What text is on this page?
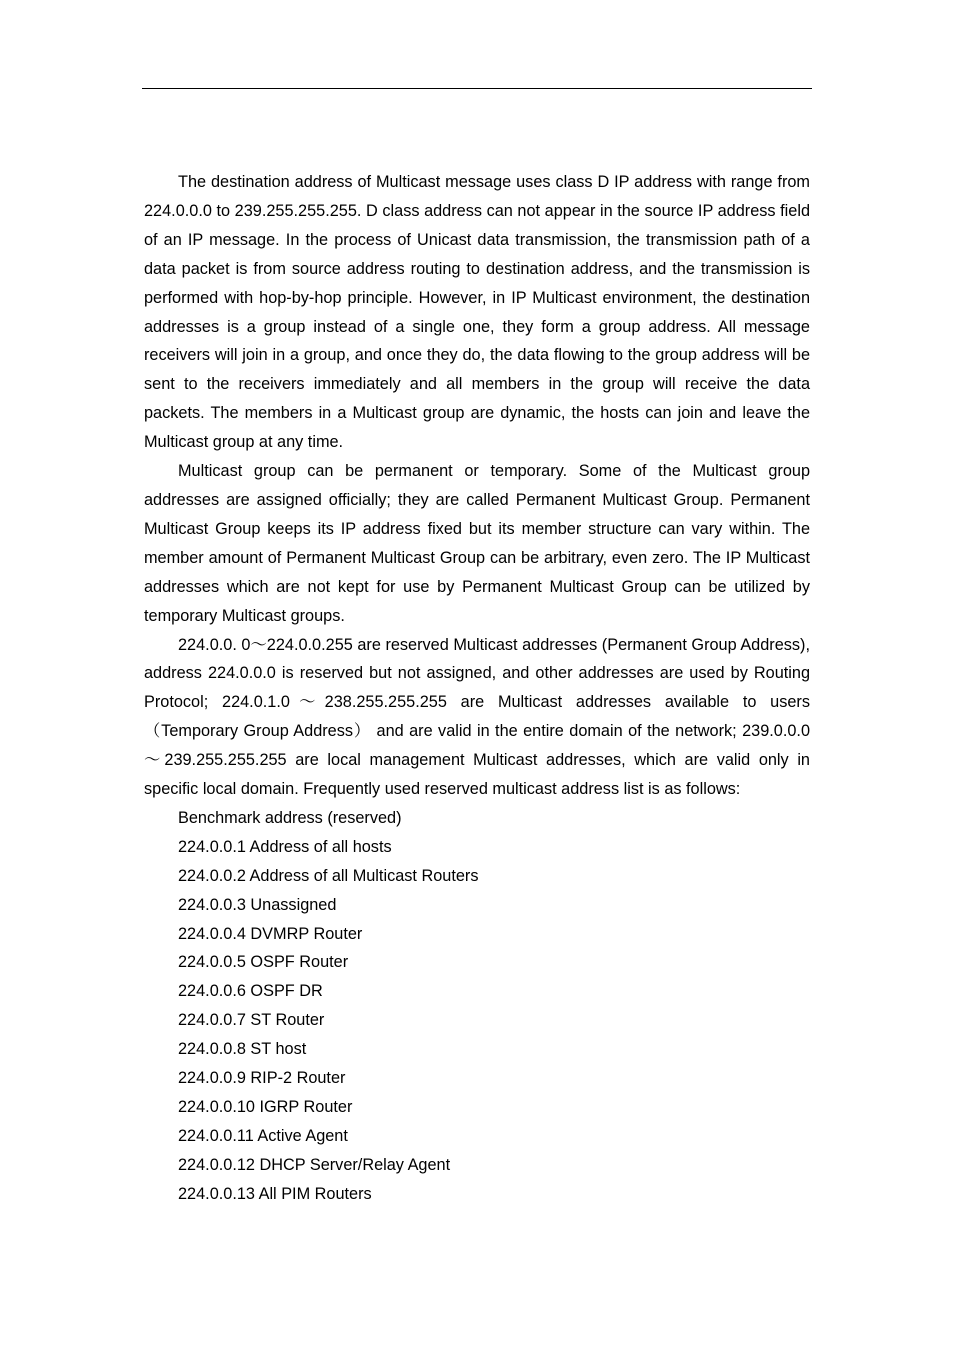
The destination address of Multicast message uses class D IP address with range from 224.0.0.0 to 239.255.255.255. D class address can not appear in the source IP address field of an IP message. In the process of Unicast data transmission, the transmission path of a data packet is from source address routing to destination address, and the transmission is performed with hop-by-hop principle. However, in IP Multicast environment, the destination addresses is a group instead of a single one, they form a group address. All message receivers will join in a group, and once they do, the data flowing to the group address will be sent to the receivers immediately and all members in the group will receive the data packets. The members in a Multicast group are dynamic, the hosts can join and leave the Multicast group at any time.

Multicast group can be permanent or temporary. Some of the Multicast group addresses are assigned officially; they are called Permanent Multicast Group. Permanent Multicast Group keeps its IP address fixed but its member structure can vary within. The member amount of Permanent Multicast Group can be arbitrary, even zero. The IP Multicast addresses which are not kept for use by Permanent Multicast Group can be utilized by temporary Multicast groups.

224.0.0. 0～224.0.0.255 are reserved Multicast addresses (Permanent Group Address), address 224.0.0.0 is reserved but not assigned, and other addresses are used by Routing Protocol; 224.0.1.0～238.255.255.255 are Multicast addresses available to users（Temporary Group Address） and are valid in the entire domain of the network; 239.0.0.0～239.255.255.255 are local management Multicast addresses, which are valid only in specific local domain. Frequently used reserved multicast address list is as follows:

Benchmark address (reserved)
224.0.0.1 Address of all hosts
224.0.0.2 Address of all Multicast Routers
224.0.0.3 Unassigned
224.0.0.4 DVMRP Router
224.0.0.5 OSPF Router
224.0.0.6 OSPF DR
224.0.0.7 ST Router
224.0.0.8 ST host
224.0.0.9 RIP-2 Router
224.0.0.10 IGRP Router
224.0.0.11 Active Agent
224.0.0.12 DHCP Server/Relay Agent
224.0.0.13 All PIM Routers
